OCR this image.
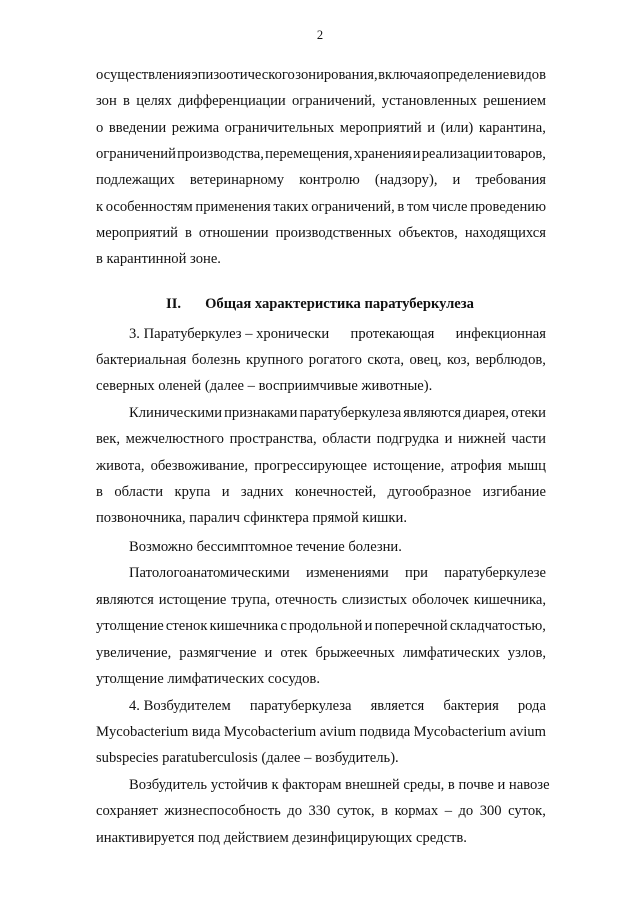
2
осуществления эпизоотического зонирования, включая определение видов
зон в целях дифференциации ограничений, установленных решением
о введении режима ограничительных мероприятий и (или) карантина,
ограничений производства, перемещения, хранения и реализации товаров,
подлежащих ветеринарному контролю (надзору), и требования
к особенностям применения таких ограничений, в том числе проведению
мероприятий в отношении производственных объектов, находящихся
в карантинной зоне.
II. Общая характеристика паратуберкулеза
3. Паратуберкулез – хронически протекающая инфекционная
бактериальная болезнь крупного рогатого скота, овец, коз, верблюдов,
северных оленей (далее – восприимчивые животные).
Клиническими признаками паратуберкулеза являются диарея, отеки
век, межчелюстного пространства, области подгрудка и нижней части
живота, обезвоживание, прогрессирующее истощение, атрофия мышц
в области крупа и задних конечностей, дугообразное изгибание
позвоночника, паралич сфинктера прямой кишки.
Возможно бессимптомное течение болезни.
Патологоанатомическими изменениями при паратуберкулезе
являются истощение трупа, отечность слизистых оболочек кишечника,
утолщение стенок кишечника с продольной и поперечной складчатостью,
увеличение, размягчение и отек брыжеечных лимфатических узлов,
утолщение лимфатических сосудов.
4. Возбудителем паратуберкулеза является бактерия рода
Mycobacterium вида Mycobacterium avium подвида Mycobacterium avium
subspecies paratuberculosis (далее – возбудитель).
Возбудитель устойчив к факторам внешней среды, в почве и навозе
сохраняет жизнеспособность до 330 суток, в кормах – до 300 суток,
инактивируется под действием дезинфицирующих средств.
